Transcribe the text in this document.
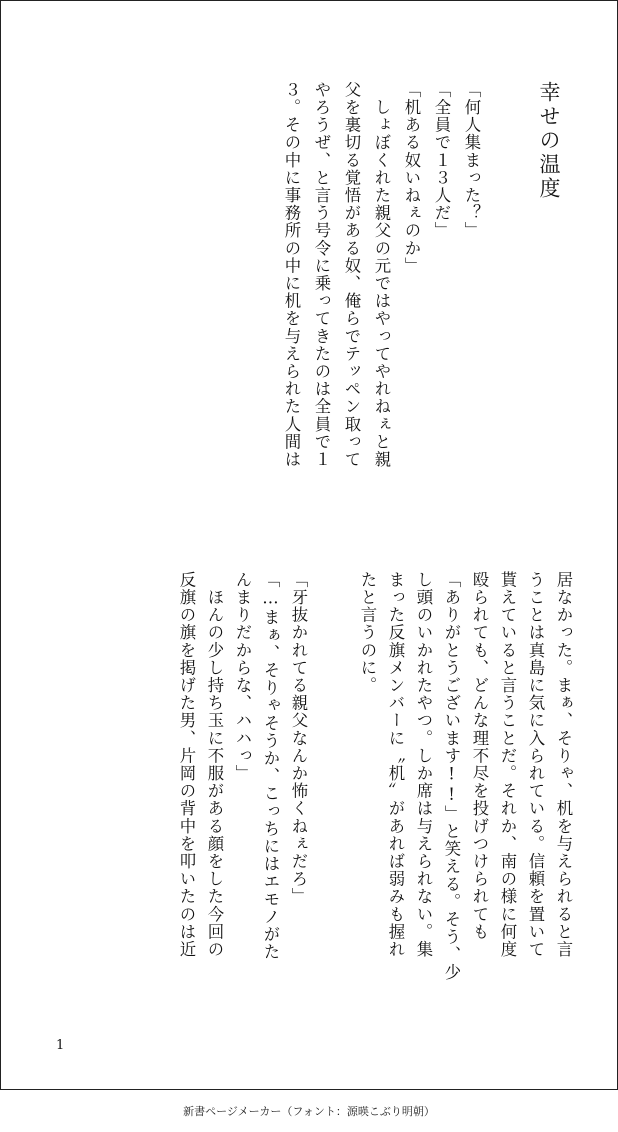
幸せの温度
「何人集まった？」
「全員で１３人だ」
「机ある奴いねぇのか」
　しょぼくれた親父の元ではやってやれねぇと親
父を裏切る覚悟がある奴、俺らでテッペン取って
やろうぜ、と言う号令に乗ってきたのは全員で１
３。その中に事務所の中に机を与えられた人間は
居なかった。まぁ、そりゃ、机を与えられると言
うことは真島に気に入られている。信頼を置いて
貰えていると言うことだ。それか、南の様に何度
殴られても、どんな理不尽を投げつけられても
「ありがとうございます!!」と笑える。そう、少
し頭のいかれたやつ。しか席は与えられない。集
まった反旗メンバーに〝机〟があれば弱みも握れ
たと言うのに。
「牙抜かれてる親父なんか怖くねぇだろ」
「…まぁ、そりゃそうか、こっちにはエモノがた
んまりだからな、ハハっ」
　ほんの少し持ち玉に不服がある顔をした今回の
反旗の旗を掲げた男、片岡の背中を叩いたのは近
1
新書ページメーカー（フォント：源暎こぶり明朝）
